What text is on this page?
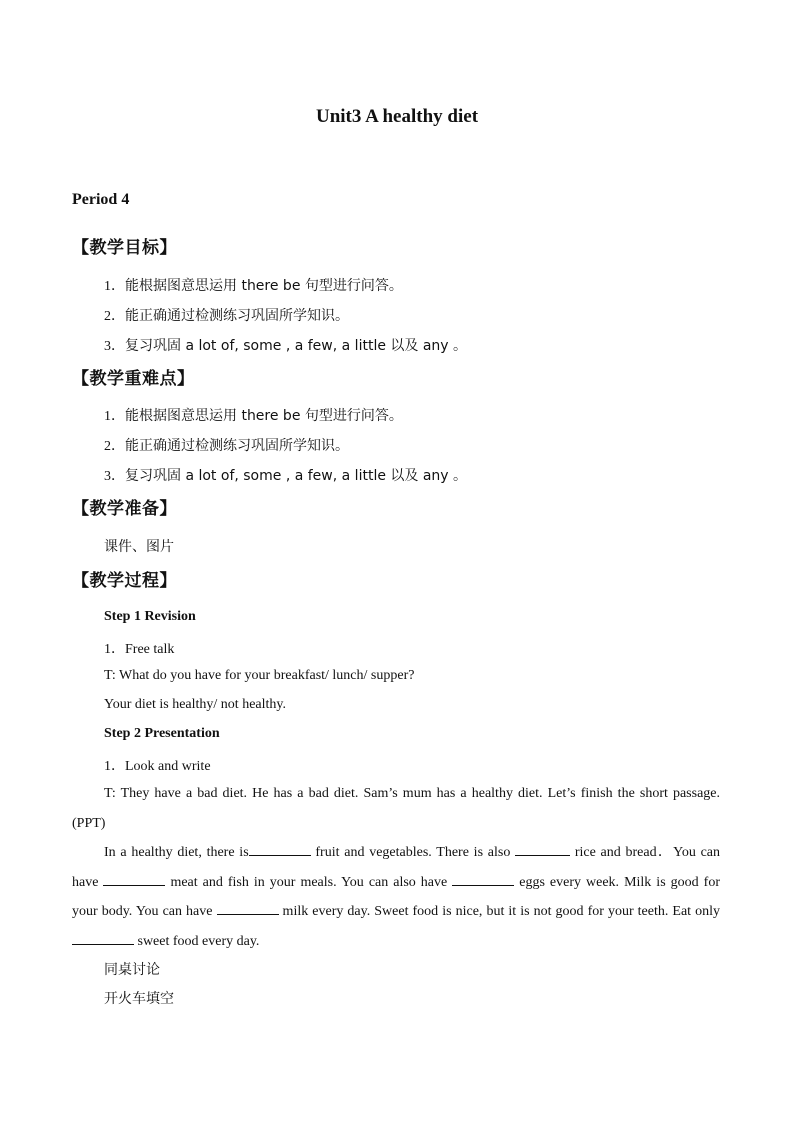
Unit3 A healthy diet
Period 4
【教学目标】
1．能根据图意思运用 there be 句型进行问答。
2．能正确通过检测练习巩固所学知识。
3．复习巩固 a lot of, some , a few, a little 以及 any 。
【教学重难点】
1．能根据图意思运用 there be 句型进行问答。
2．能正确通过检测练习巩固所学知识。
3．复习巩固 a lot of, some , a few, a little 以及 any 。
【教学准备】
课件、图片
【教学过程】
Step 1 Revision
1．Free talk
T: What do you have for your breakfast/ lunch/ supper?
Your diet is healthy/ not healthy.
Step 2 Presentation
1．Look and write
T: They have a bad diet. He has a bad diet. Sam’s mum has a healthy diet. Let’s finish the short passage. (PPT)
In a healthy diet, there is	fruit and vegetables. There is also	rice and bread．You can have	meat and fish in your meals. You can also have	eggs every week. Milk is good for your body. You can have	milk every day. Sweet food is nice, but it is not good for your teeth. Eat only  sweet food every day.
同桌讨论
开火车填空
